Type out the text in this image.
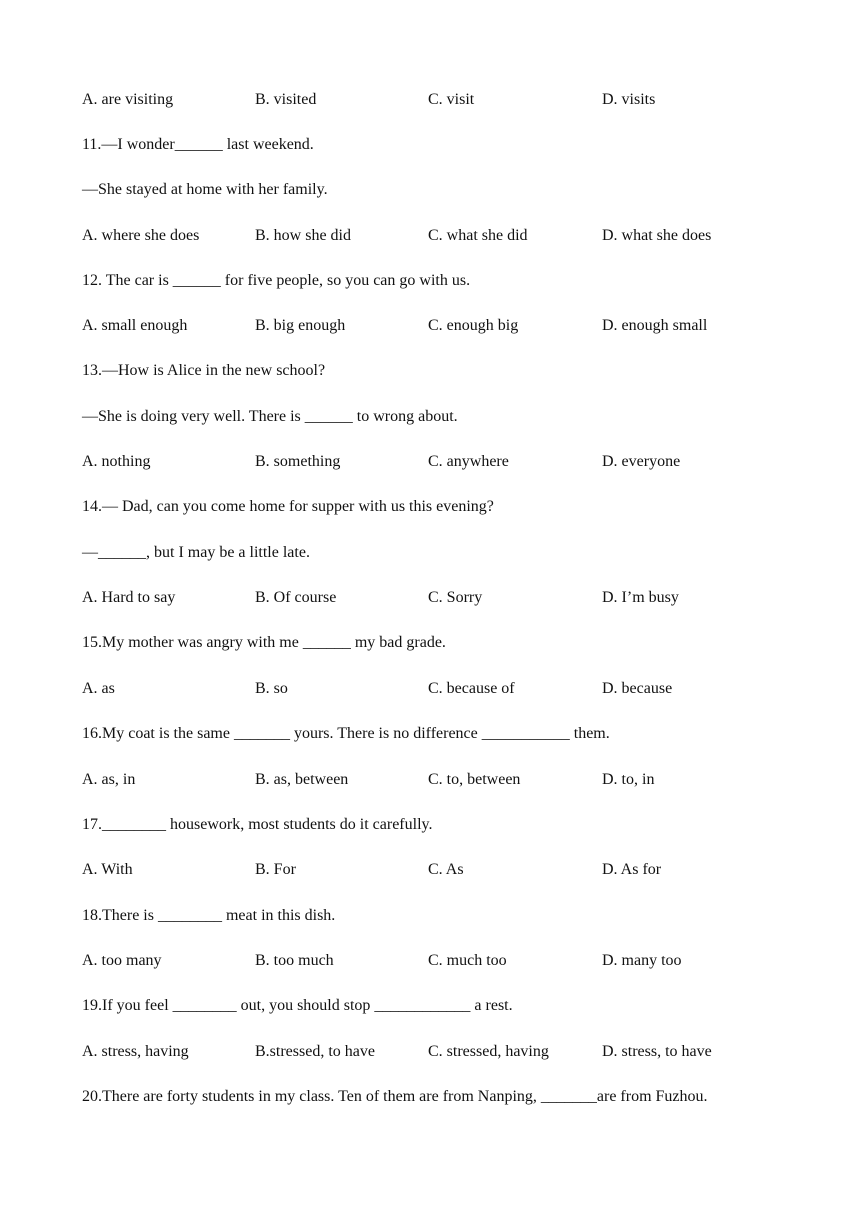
A. are visiting	B. visited	C. visit	D. visits
11.—I wonder______ last weekend.
—She stayed at home with her family.
A. where she does	B. how she did	C. what she did	D. what she does
12. The car is ______ for five people, so you can go with us.
A. small enough	B. big enough	C. enough big	D. enough small
13.—How is Alice in the new school?
—She is doing very well. There is ______ to wrong about.
A. nothing	B. something	C. anywhere	D. everyone
14.— Dad, can you come home for supper with us this evening?
—______, but I may be a little late.
A. Hard to say	B. Of course	C. Sorry	D. I’m busy
15.My mother was angry with me ______ my bad grade.
A. as	B. so	C. because of	D. because
16.My coat is the same _______ yours. There is no difference ___________ them.
A. as, in	B. as, between	C. to, between	D. to, in
17.________ housework, most students do it carefully.
A. With	B. For	C. As	D. As for
18.There is ________ meat in this dish.
A. too many	B. too much	C. much too	D. many too
19.If you feel ________ out, you should stop ____________ a rest.
A. stress, having	B.stressed, to have	C. stressed, having	D. stress, to have
20.There are forty students in my class. Ten of them are from Nanping, _______are from Fuzhou.
